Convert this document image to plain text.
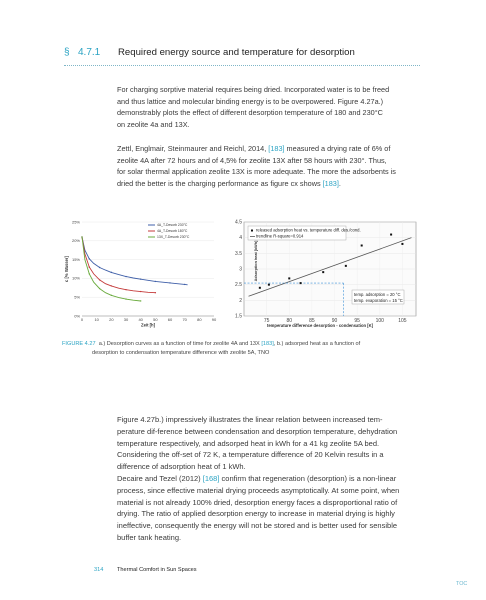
§ 4.7.1 Required energy source and temperature for desorption
For charging sorptive material requires being dried. Incorporated water is to be freed
and thus lattice and molecular binding energy is to be overpowered. Figure 4.27a.)
demonstrably plots the effect of different desorption temperature of 180 and 230°C
on zeolite 4a and 13X.
Zettl, Englmair, Steinmaurer and Reichl, 2014, [183] measured a drying rate of 6% of
zeolite 4A after 72 hours and of 4,5% for zeolite 13X after 58 hours with 230°. Thus,
for solar thermal application zeolite 13X is more adequate. The more the adsorbents is
dried the better is the charging performance as figure cx shows [183].
25%
20%
15%
10%
5%
0%
0	10	20	30	40	50	60	70	80	90
Zeit [h]
c [% Wasser]
4A_T-Desorb 230°C
4A_T-Desorb 180°C
13X_T-Desorb 230°C
1.5
2
2.5
3
3.5
4
4.5
75	80	85	90	95	100	105
temperature difference desorption - condensation [K]
Adsorption heat [kWh]
released adsorption heat vs. temperature diff. des./cond.
trendline R-square=0.914
temp. adsorption = 20 °C
temp. evaporation = 15 °C
FIGURE 4.27 a.) Desorption curves as a function of time for zeolite 4A and 13X [183], b.) adsorped heat as a function of
desorption to condensation temperature difference with zeolite 5A, TNO
Figure 4.27b.) impressively illustrates the linear relation between increased tem-
perature dif-ference between condensation and desorption temperature, dehydration
temperature respectively, and adsorped heat in kWh for a 41 kg zeolite 5A bed.
Considering the off-set of 72 K, a temperature difference of 20 Kelvin results in a
difference of adsorption heat of 1 kWh.
Decaire and Tezel (2012) [168] confirm that regeneration (desorption) is a non-linear
process, since effective material drying proceeds asymptotically. At some point, when
material is not already 100% dried, desorption energy faces a disproportional ratio of
drying. The ratio of applied desorption energy to increase in material drying is highly
ineffective, consequently the energy will not be stored and is better used for sensible
buffer tank heating.
314 Thermal Comfort in Sun Spaces
TOC
